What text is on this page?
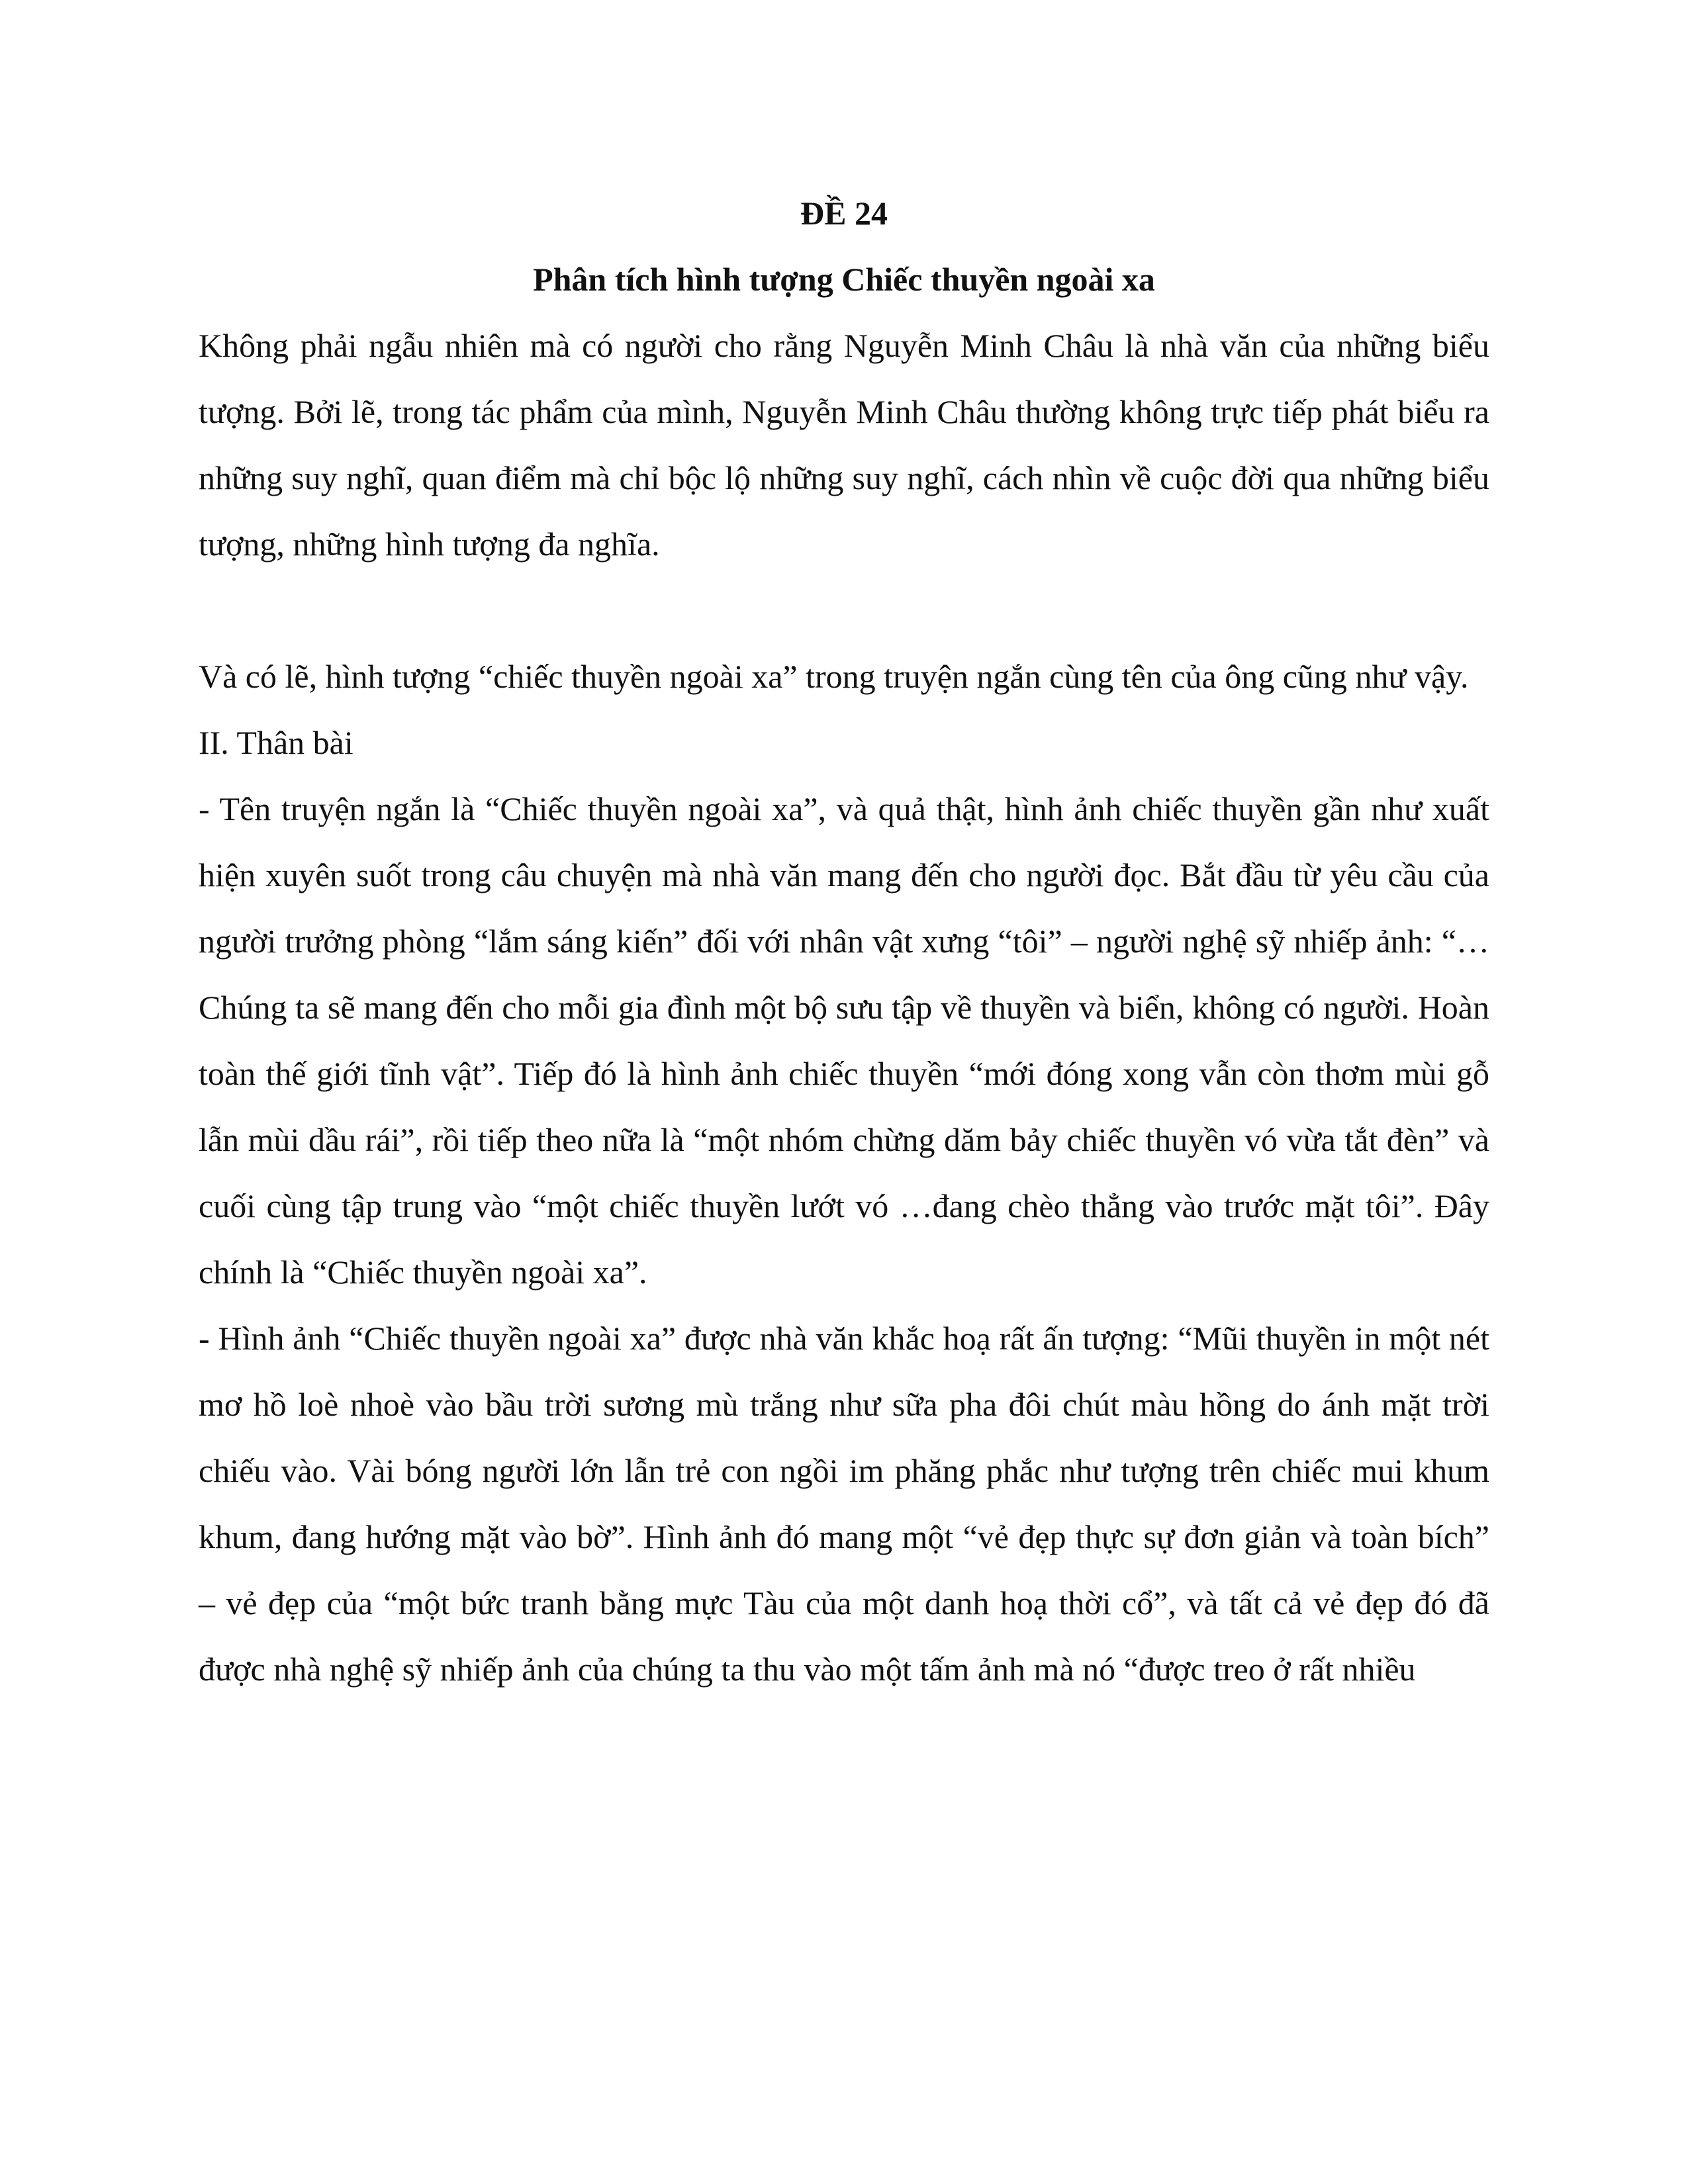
ĐỀ 24

Phân tích hình tượng Chiếc thuyền ngoài xa

Không phải ngẫu nhiên mà có người cho rằng Nguyễn Minh Châu là nhà văn của những biểu tượng. Bởi lẽ, trong tác phẩm của mình, Nguyễn Minh Châu thường không trực tiếp phát biểu ra những suy nghĩ, quan điểm mà chỉ bộc lộ những suy nghĩ, cách nhìn về cuộc đời qua những biểu tượng, những hình tượng đa nghĩa.

Và có lẽ, hình tượng “chiếc thuyền ngoài xa” trong truyện ngắn cùng tên của ông cũng như vậy.

II. Thân bài

- Tên truyện ngắn là “Chiếc thuyền ngoài xa”, và quả thật, hình ảnh chiếc thuyền gần như xuất hiện xuyên suốt trong câu chuyện mà nhà văn mang đến cho người đọc. Bắt đầu từ yêu cầu của người trưởng phòng “lắm sáng kiến” đối với nhân vật xưng “tôi” – người nghệ sỹ nhiếp ảnh: “…Chúng ta sẽ mang đến cho mỗi gia đình một bộ sưu tập về thuyền và biển, không có người. Hoàn toàn thế giới tĩnh vật”. Tiếp đó là hình ảnh chiếc thuyền “mới đóng xong vẫn còn thơm mùi gỗ lẫn mùi dầu rái”, rồi tiếp theo nữa là “một nhóm chừng dăm bảy chiếc thuyền vó vừa tắt đèn” và cuối cùng tập trung vào “một chiếc thuyền lướt vó …đang chèo thẳng vào trước mặt tôi”. Đây chính là “Chiếc thuyền ngoài xa”.

- Hình ảnh “Chiếc thuyền ngoài xa” được nhà văn khắc hoạ rất ấn tượng: “Mũi thuyền in một nét mơ hồ loè nhoè vào bầu trời sương mù trắng như sữa pha đôi chút màu hồng do ánh mặt trời chiếu vào. Vài bóng người lớn lẫn trẻ con ngồi im phăng phắc như tượng trên chiếc mui khum khum, đang hướng mặt vào bờ”. Hình ảnh đó mang một “vẻ đẹp thực sự đơn giản và toàn bích” – vẻ đẹp của “một bức tranh bằng mực Tàu của một danh hoạ thời cổ”, và tất cả vẻ đẹp đó đã được nhà nghệ sỹ nhiếp ảnh của chúng ta thu vào một tấm ảnh mà nó “được treo ở rất nhiều
